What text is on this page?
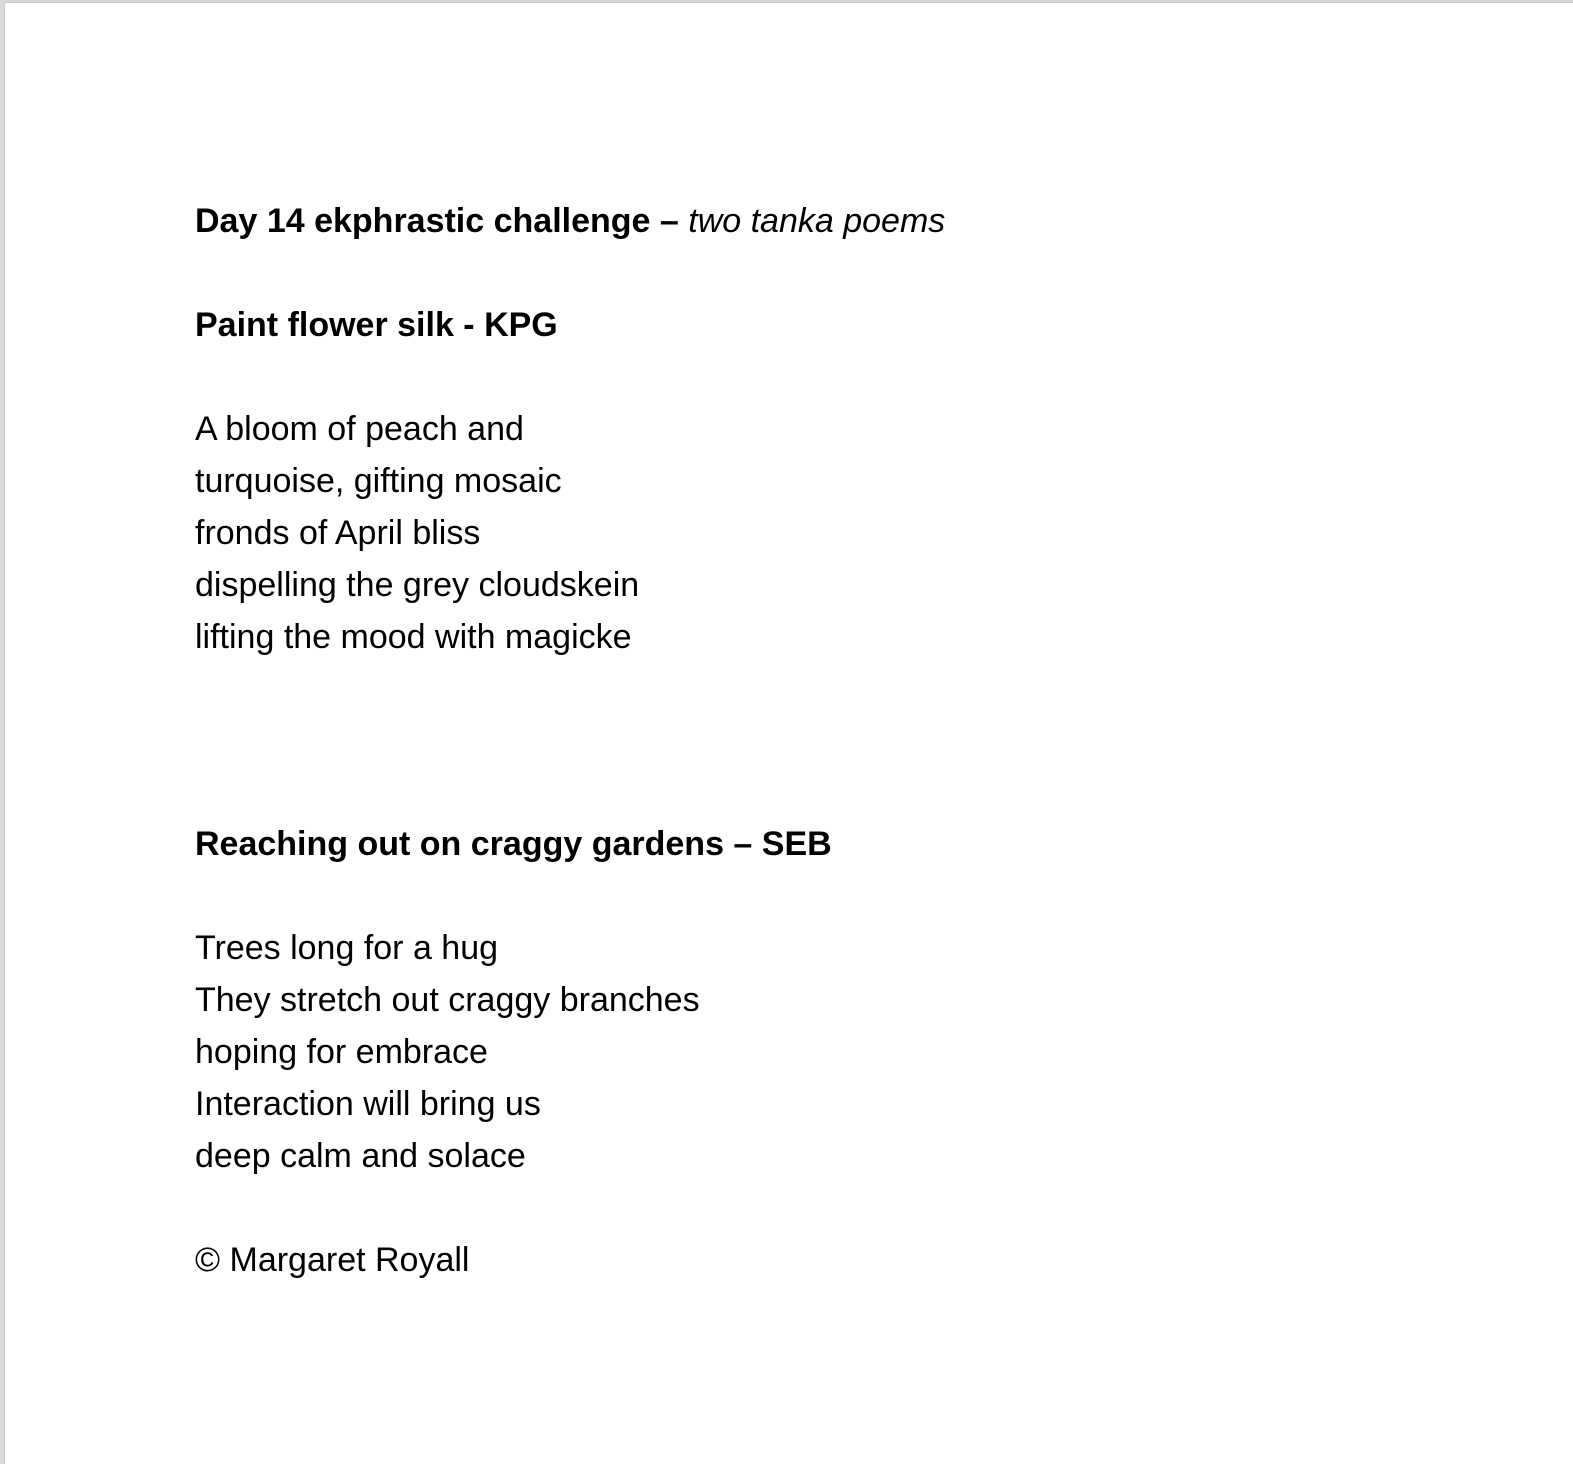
Day 14 ekphrastic challenge – two tanka poems
Paint flower silk - KPG
A bloom of peach and
turquoise, gifting mosaic
fronds of April bliss
dispelling the grey cloudskein
lifting the mood with magicke
Reaching out on craggy gardens – SEB
Trees long for a hug
They stretch out craggy branches
hoping for embrace
Interaction will bring us
deep calm and solace
© Margaret Royall
